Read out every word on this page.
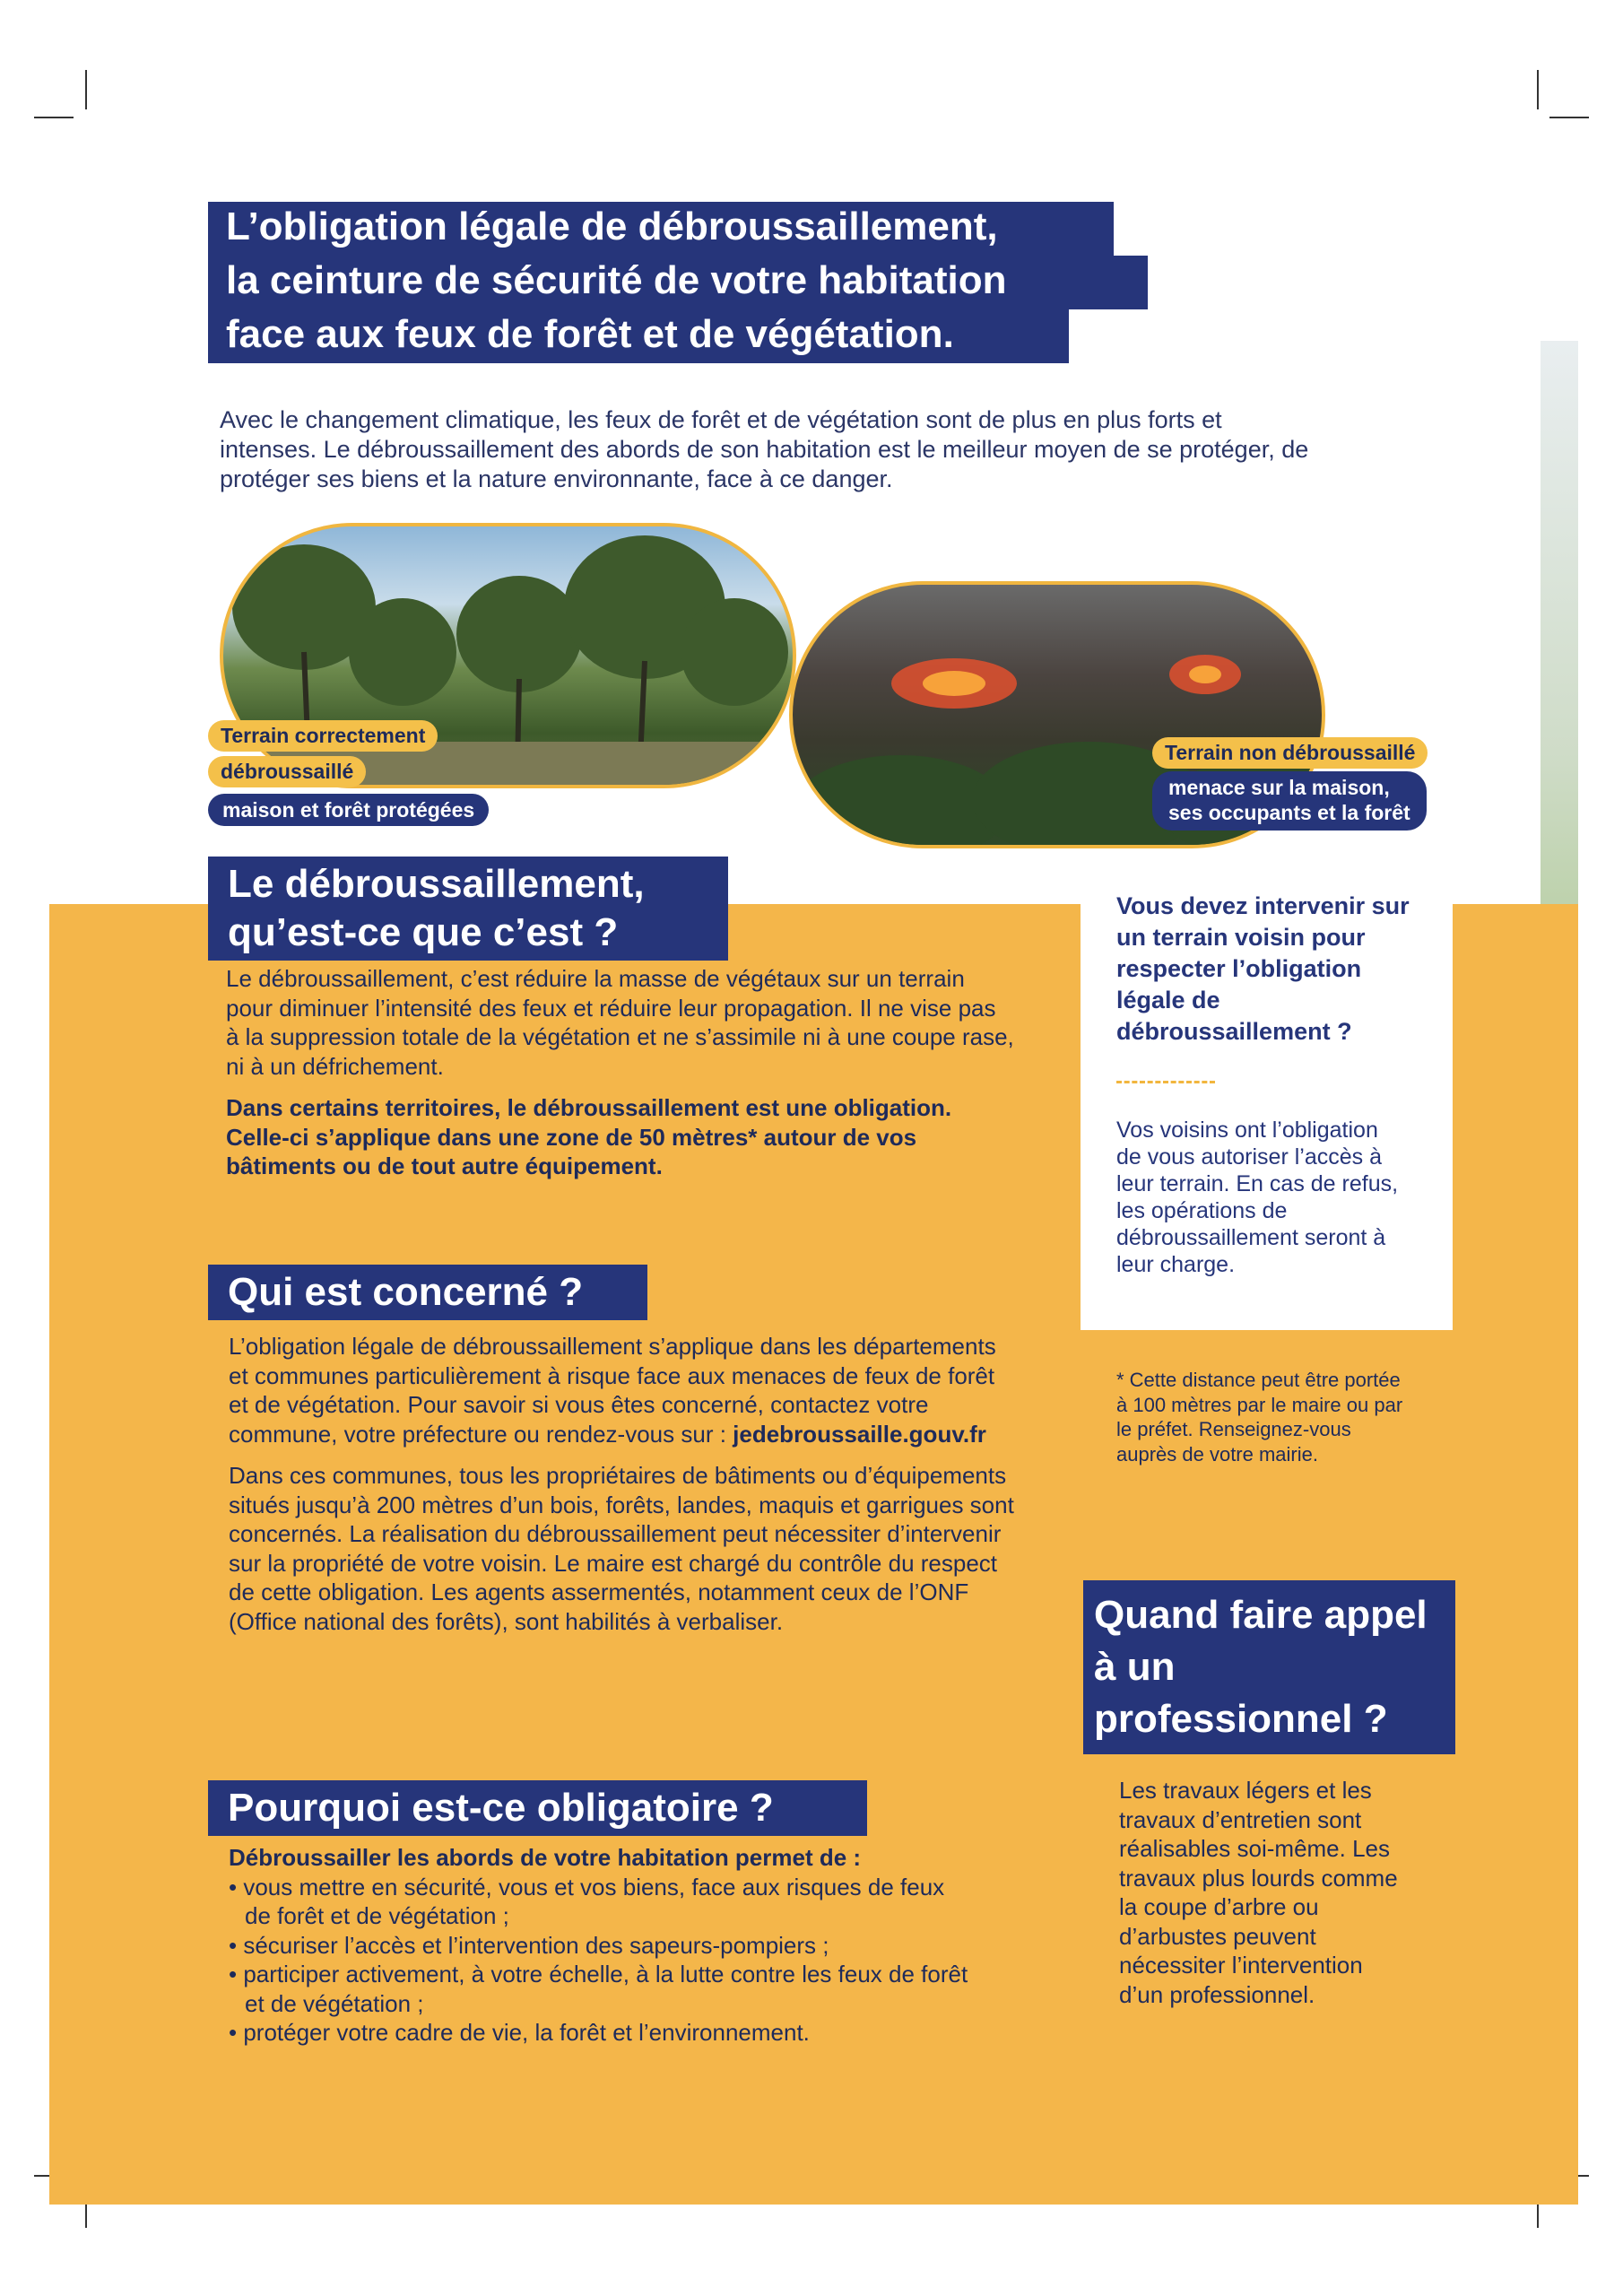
L’obligation légale de débroussaillement,
la ceinture de sécurité de votre habitation
face aux feux de forêt et de végétation.
Avec le changement climatique, les feux de forêt et de végétation sont de plus en plus forts et intenses. Le débroussaillement des abords de son habitation est le meilleur moyen de se protéger, de protéger ses biens et la nature environnante, face à ce danger.
Terrain correctement
débroussaillé
maison et forêt protégées
Terrain non débroussaillé
menace sur la maison,
ses occupants et la forêt
Vous devez intervenir sur un terrain voisin pour respecter l’obligation légale de débroussaillement ?
Vos voisins ont l’obligation de vous autoriser l’accès à leur terrain. En cas de refus, les opérations de débroussaillement seront à leur charge.
* Cette distance peut être portée à 100 mètres par le maire ou par le préfet. Renseignez-vous auprès de votre mairie.
Le débroussaillement,
qu’est-ce que c’est ?

Le débroussaillement, c’est réduire la masse de végétaux sur un terrain pour diminuer l’intensité des feux et réduire leur propagation. Il ne vise pas à la suppression totale de la végétation et ne s’assimile ni à une coupe rase, ni à un défrichement.

Dans certains territoires, le débroussaillement est une obligation. Celle-ci s’applique dans une zone de 50 mètres* autour de vos bâtiments ou de tout autre équipement.

Qui est concerné ?

L’obligation légale de débroussaillement s’applique dans les départements et communes particulièrement à risque face aux menaces de feux de forêt et de végétation. Pour savoir si vous êtes concerné, contactez votre commune, votre préfecture ou rendez-vous sur : jedebroussaille.gouv.fr

Dans ces communes, tous les propriétaires de bâtiments ou d’équipements situés jusqu’à 200 mètres d’un bois, forêts, landes, maquis et garrigues sont concernés. La réalisation du débroussaillement peut nécessiter d’intervenir sur la propriété de votre voisin. Le maire est chargé du contrôle du respect de cette obligation. Les agents assermentés, notamment ceux de l’ONF (Office national des forêts), sont habilités à verbaliser.

Pourquoi est-ce obligatoire ?
Débroussailler les abords de votre habitation permet de :
• vous mettre en sécurité, vous et vos biens, face aux risques de feux de forêt et de végétation ;
• sécuriser l’accès et l’intervention des sapeurs-pompiers ;
• participer activement, à votre échelle, à la lutte contre les feux de forêt et de végétation ;
• protéger votre cadre de vie, la forêt et l’environnement.
Quand faire appel à un professionnel ?
Les travaux légers et les travaux d’entretien sont réalisables soi-même. Les travaux plus lourds comme la coupe d’arbre ou d’arbustes peuvent nécessiter l’intervention d’un professionnel.
